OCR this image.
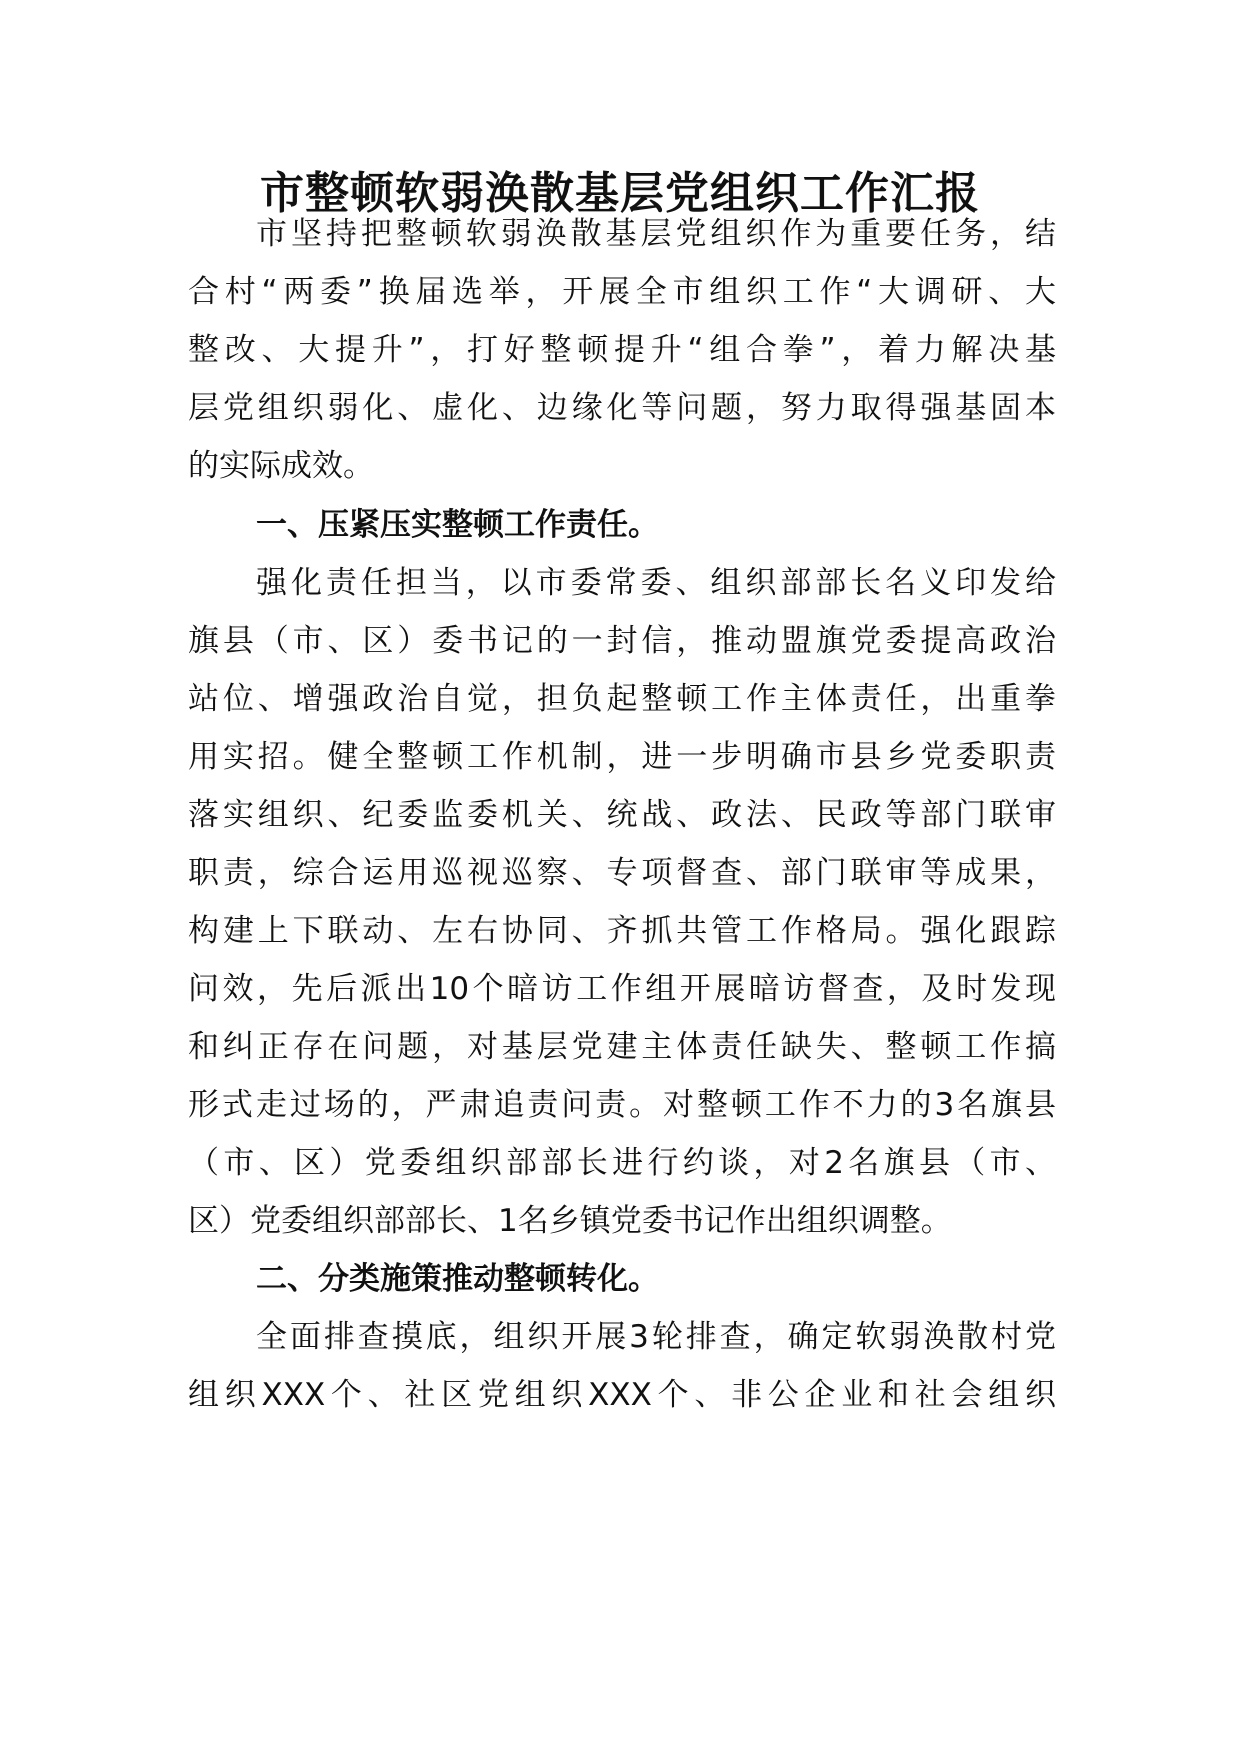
市整顿软弱涣散基层党组织工作汇报
市坚持把整顿软弱涣散基层党组织作为重要任务，结
合村“两委”换届选举，开展全市组织工作“大调研、大
整改、大提升”，打好整顿提升“组合拳”，着力解决基
层党组织弱化、虚化、边缘化等问题，努力取得强基固本
的实际成效。
一、压紧压实整顿工作责任。
强化责任担当，以市委常委、组织部部长名义印发给
旗县（市、区）委书记的一封信，推动盟旗党委提高政治
站位、增强政治自觉，担负起整顿工作主体责任，出重拳
用实招。健全整顿工作机制，进一步明确市县乡党委职责
落实组织、纪委监委机关、统战、政法、民政等部门联审
职责，综合运用巡视巡察、专项督查、部门联审等成果，
构建上下联动、左右协同、齐抓共管工作格局。强化跟踪
问效，先后派出10个暗访工作组开展暗访督查，及时发现
和纠正存在问题，对基层党建主体责任缺失、整顿工作搞
形式走过场的，严肃追责问责。对整顿工作不力的3名旗县
（市、区）党委组织部部长进行约谈，对2名旗县（市、
区）党委组织部部长、1名乡镇党委书记作出组织调整。
二、分类施策推动整顿转化。
全面排查摸底，组织开展3轮排查，确定软弱涣散村党
组织XXX个、社区党组织XXX个、非公企业和社会组织
